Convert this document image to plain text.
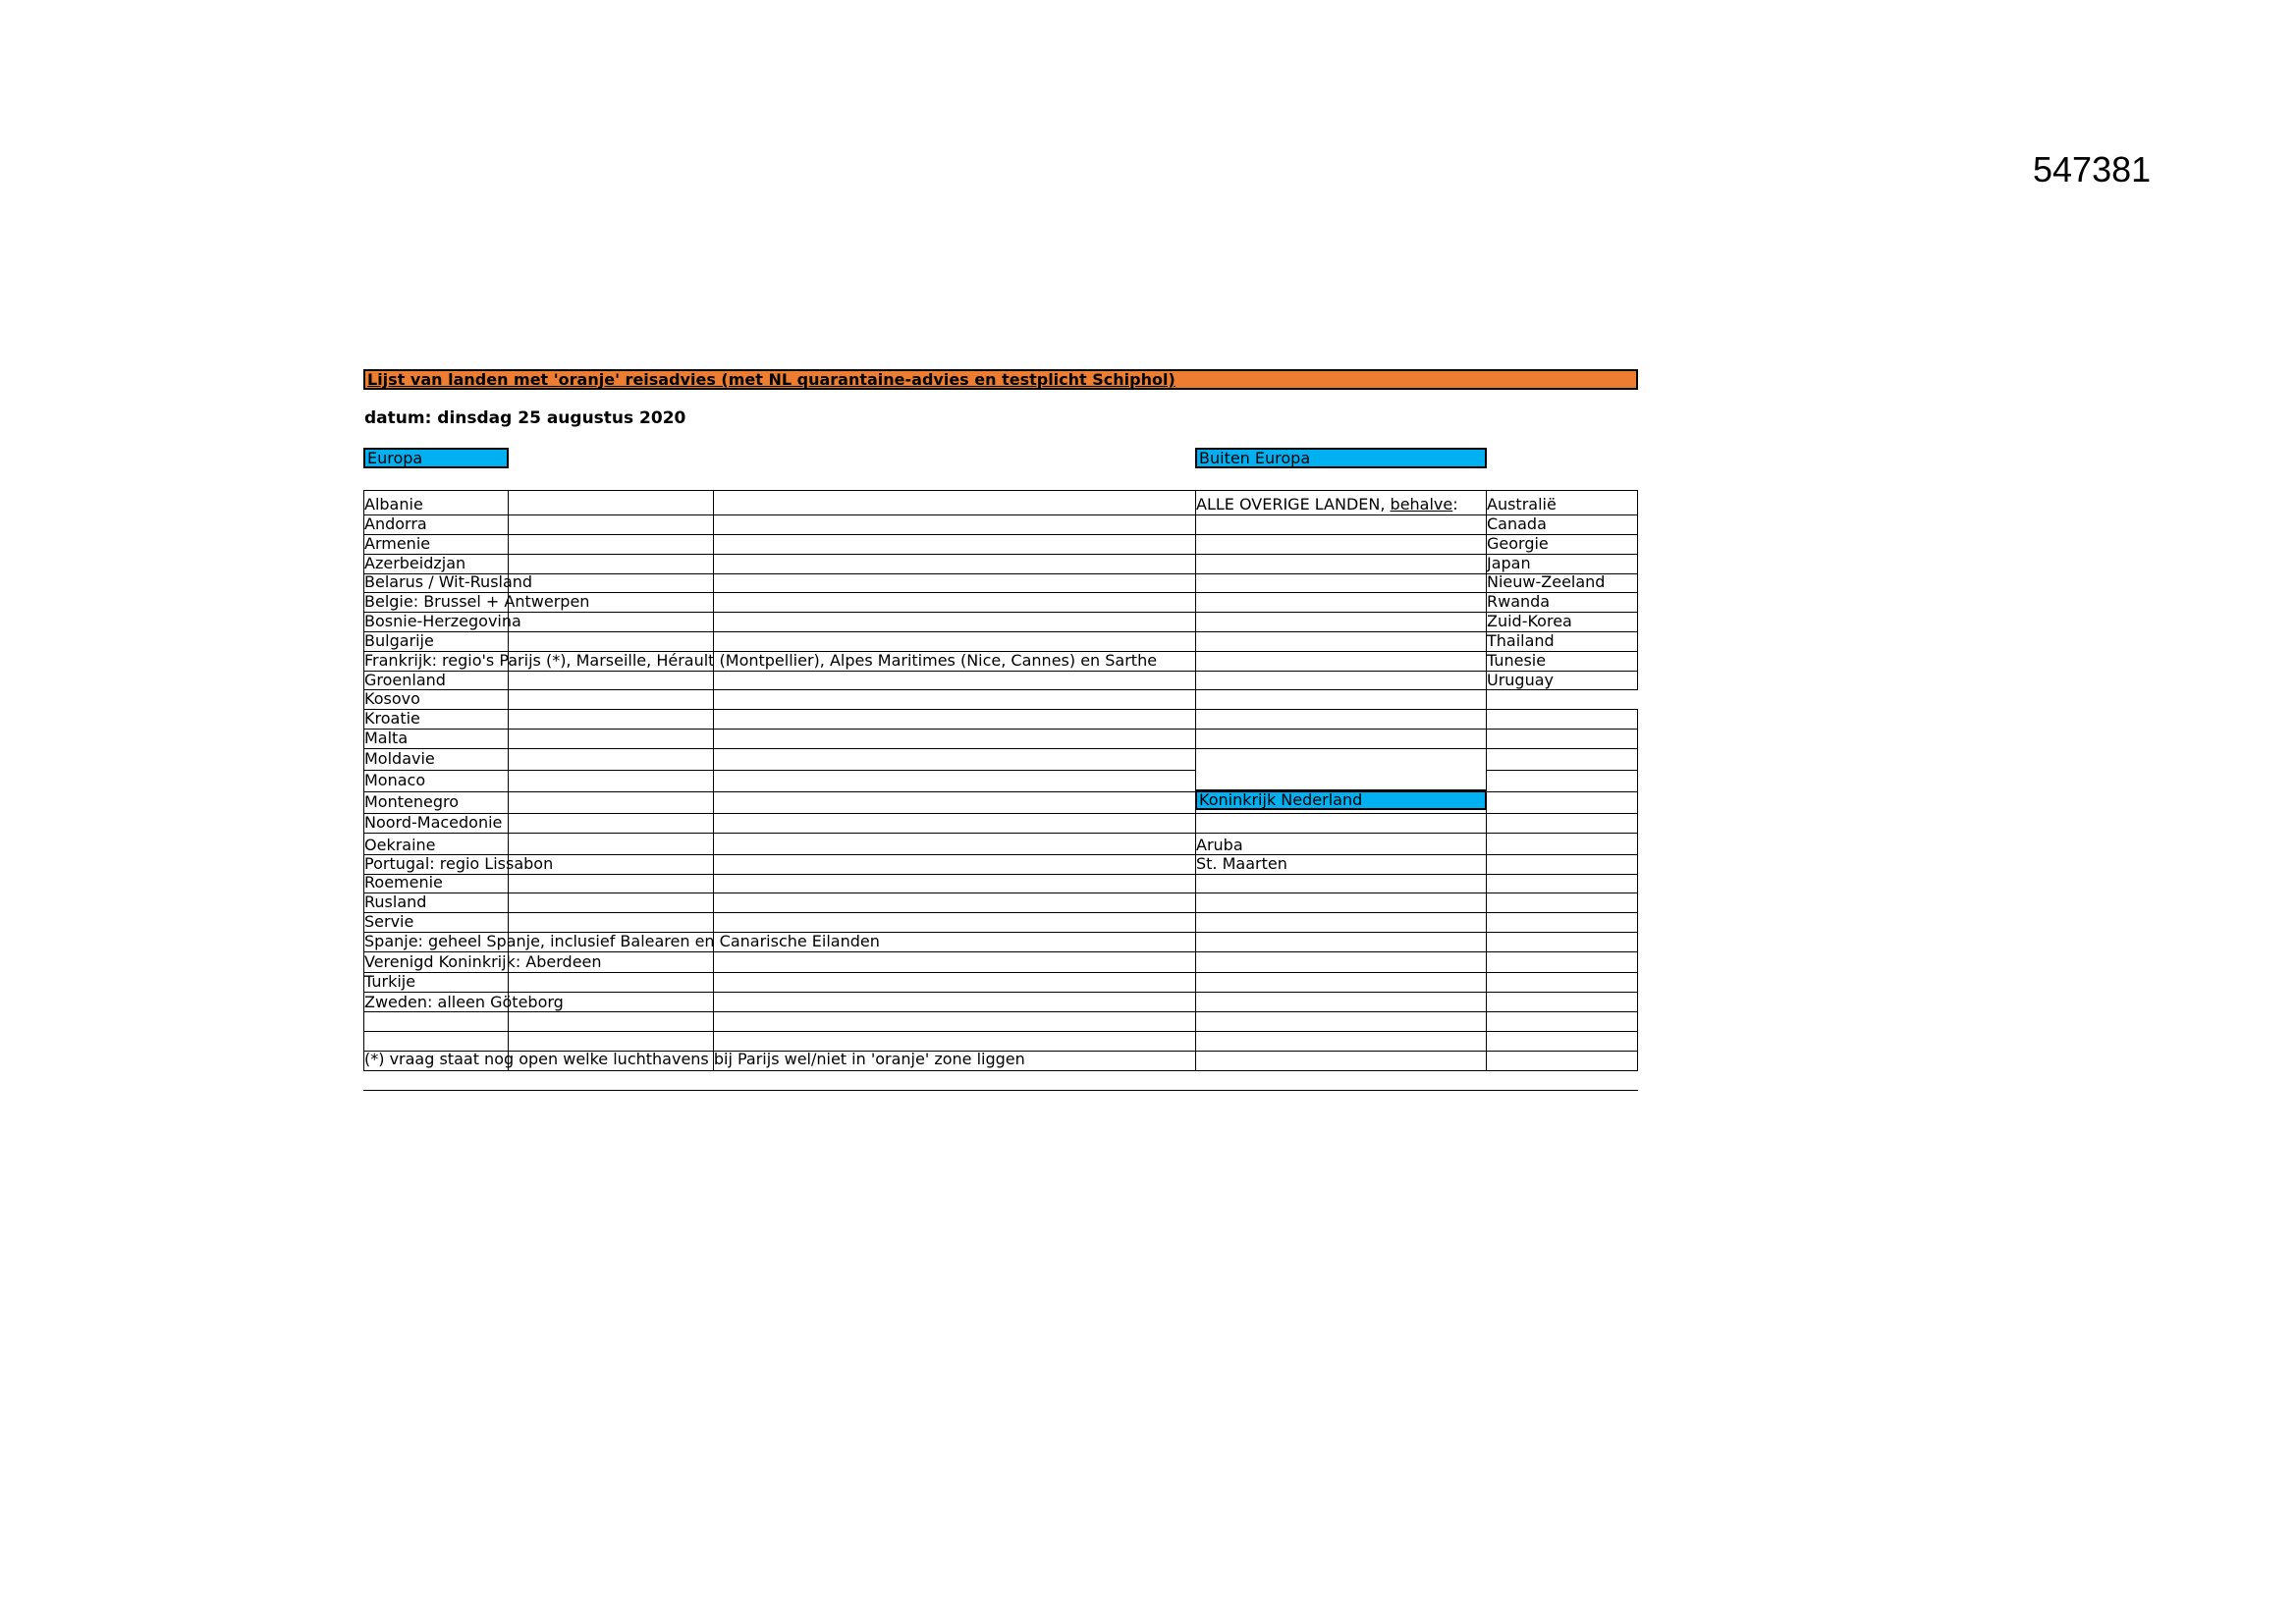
547381
Lijst van landen met 'oranje' reisadvies (met NL quarantaine-advies en testplicht Schiphol)
datum: dinsdag 25 augustus 2020
Europa	Buiten Europa
Koninkrijk Nederland
Albanie
Andorra
Armenie
Azerbeidzjan
Belarus / Wit-Rusland
Belgie: Brussel + Antwerpen
Bosnie-Herzegovina
Bulgarije
Frankrijk: regio's Parijs (*), Marseille, Hérault (Montpellier), Alpes Maritimes (Nice, Cannes) en Sarthe
Groenland
Kosovo
Kroatie
Malta
Moldavie
Monaco
Montenegro
Noord-Macedonie
Oekraine
Portugal: regio Lissabon
Roemenie
Rusland
Servie
Spanje: geheel Spanje, inclusief Balearen en Canarische Eilanden
Verenigd Koninkrijk: Aberdeen
Turkije
Zweden: alleen Göteborg
(*) vraag staat nog open welke luchthavens bij Parijs wel/niet in 'oranje' zone liggen
ALLE OVERIGE LANDEN, behalve: Australië
Canada
Georgie
Japan
Nieuw-Zeeland
Rwanda
Zuid-Korea
Thailand
Tunesie
Uruguay
Aruba
St. Maarten
